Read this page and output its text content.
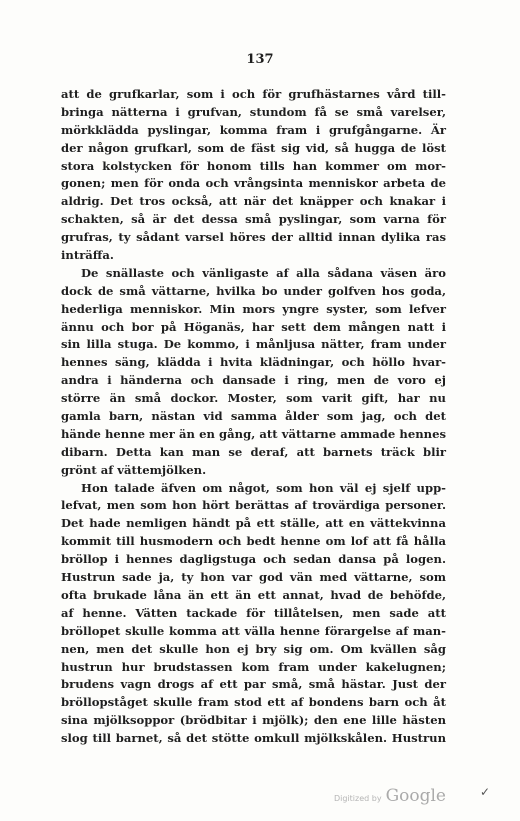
137
att de grufkarlar, som i och för grufhästarnes vård till-
bringa nätterna i grufvan, stundom få se små varelser,
mörkklädda pyslingar, komma fram i grufgångarne. Är
der någon grufkarl, som de fäst sig vid, så hugga de löst
stora kolstycken för honom tills han kommer om mor-
gonen; men för onda och vrångsinta menniskor arbeta de
aldrig. Det tros också, att när det knäpper och knakar i
schakten, så är det dessa små pyslingar, som varna för
grufras, ty sådant varsel höres der alltid innan dylika ras
inträffa.
De snällaste och vänligaste af alla sådana väsen äro
dock de små vättarne, hvilka bo under golfven hos goda,
hederliga menniskor. Min mors yngre syster, som lefver
ännu och bor på Höganäs, har sett dem mången natt i
sin lilla stuga. De kommo, i månljusa nätter, fram under
hennes säng, klädda i hvita klädningar, och höllo hvar-
andra i händerna och dansade i ring, men de voro ej
större än små dockor. Moster, som varit gift, har nu
gamla barn, nästan vid samma ålder som jag, och det
hände henne mer än en gång, att vättarne ammade hennes
dibarn. Detta kan man se deraf, att barnets träck blir
grönt af vättemjölken.
Hon talade äfven om något, som hon väl ej sjelf upp-
lefvat, men som hon hört berättas af trovärdiga personer.
Det hade nemligen händt på ett ställe, att en vättekvinna
kommit till husmodern och bedt henne om lof att få hålla
bröllop i hennes dagligstuga och sedan dansa på logen.
Hustrun sade ja, ty hon var god vän med vättarne, som
ofta brukade låna än ett än ett annat, hvad de behöfde,
af henne. Vätten tackade för tillåtelsen, men sade att
bröllopet skulle komma att välla henne förargelse af man-
nen, men det skulle hon ej bry sig om. Om kvällen såg
hustrun hur brudstassen kom fram under kakelugnen;
brudens vagn drogs af ett par små, små hästar. Just der
bröllopståget skulle fram stod ett af bondens barn och åt
sina mjölksoppor (brödbitar i mjölk); den ene lille hästen
slog till barnet, så det stötte omkull mjölkskålen. Hustrun
✓
Digitized by Google
